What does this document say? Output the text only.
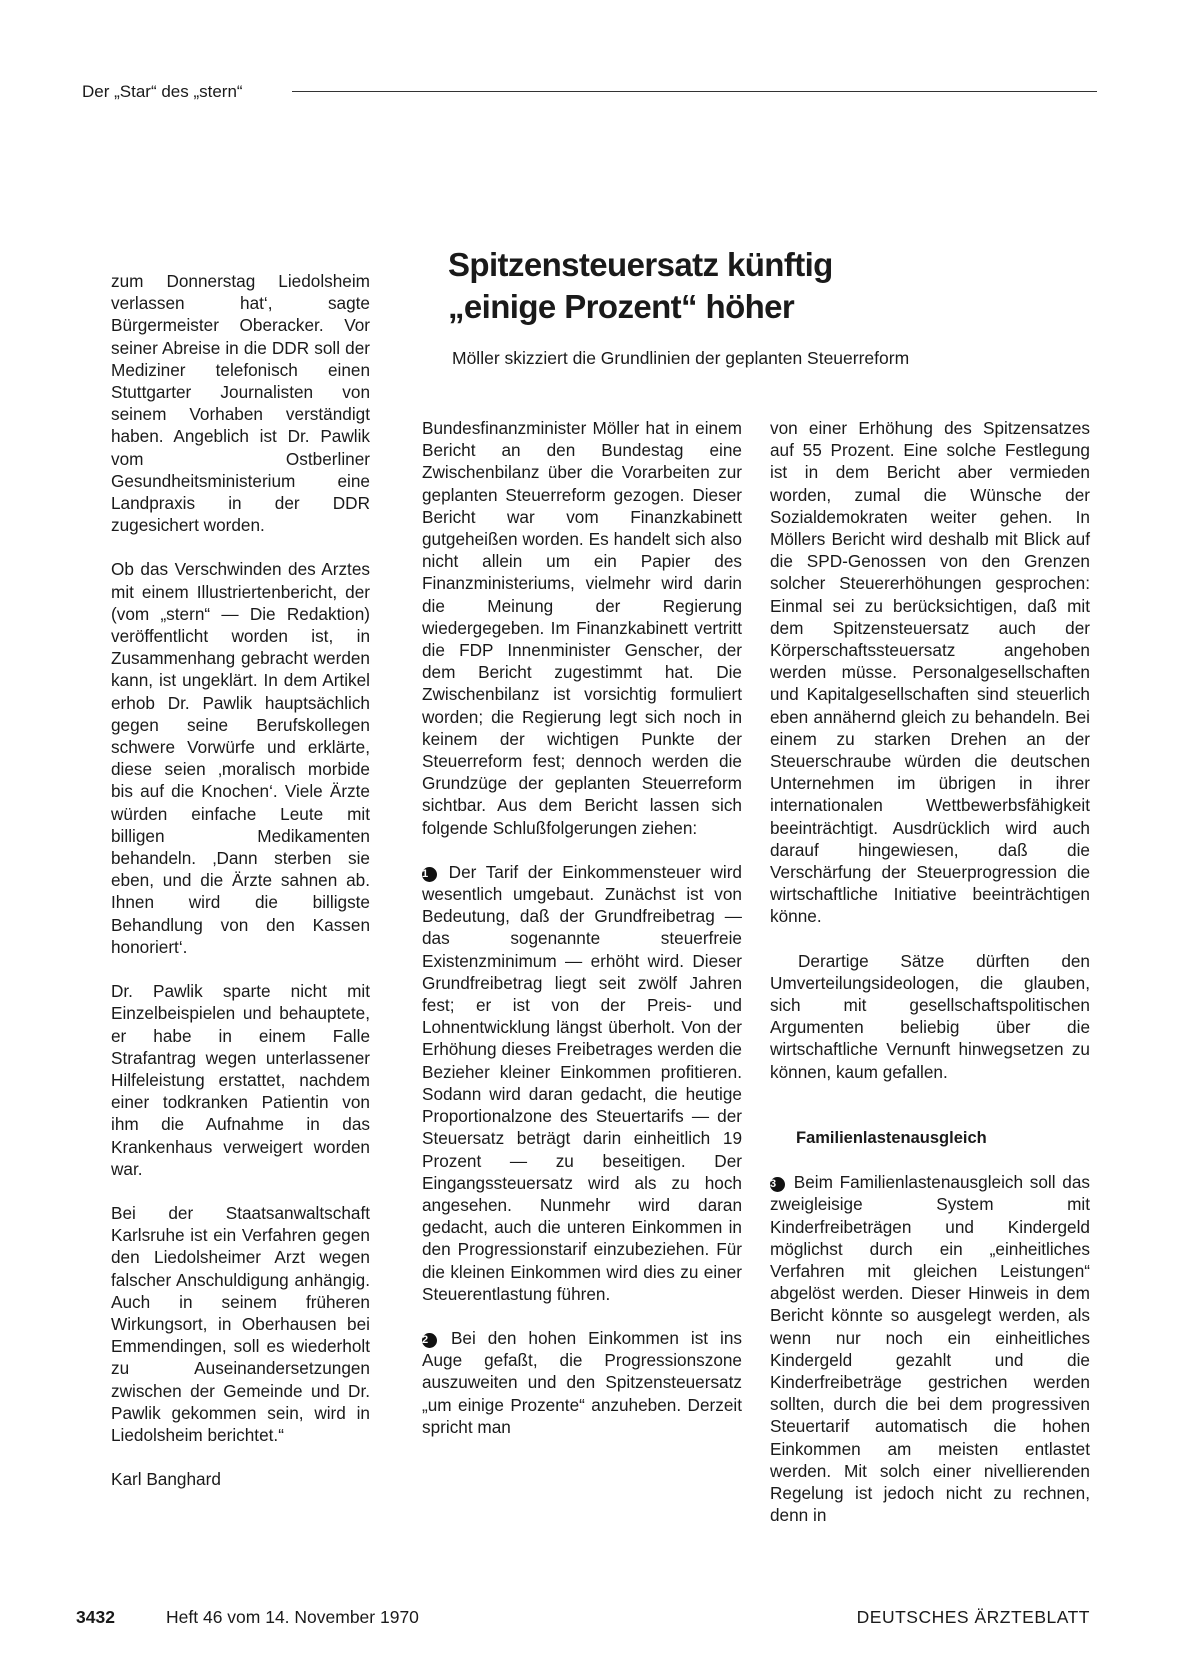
Der „Star“ des „stern“

zum Donnerstag Liedolsheim verlassen hat‘, sagte Bürgermeister Oberacker. Vor seiner Abreise in die DDR soll der Mediziner telefonisch einen Stuttgarter Journalisten von seinem Vorhaben verständigt haben. Angeblich ist Dr. Pawlik vom Ostberliner Gesundheitsministerium eine Landpraxis in der DDR zugesichert worden.

Ob das Verschwinden des Arztes mit einem Illustriertenbericht, der (vom „stern“ — Die Redaktion) veröffentlicht worden ist, in Zusammenhang gebracht werden kann, ist ungeklärt. In dem Artikel erhob Dr. Pawlik hauptsächlich gegen seine Berufskollegen schwere Vorwürfe und erklärte, diese seien ‚moralisch morbide bis auf die Knochen‘. Viele Ärzte würden einfache Leute mit billigen Medikamenten behandeln. ‚Dann sterben sie eben, und die Ärzte sahnen ab. Ihnen wird die billigste Behandlung von den Kassen honoriert‘.

Dr. Pawlik sparte nicht mit Einzelbeispielen und behauptete, er habe in einem Falle Strafantrag wegen unterlassener Hilfeleistung erstattet, nachdem einer todkranken Patientin von ihm die Aufnahme in das Krankenhaus verweigert worden war.

Bei der Staatsanwaltschaft Karlsruhe ist ein Verfahren gegen den Liedolsheimer Arzt wegen falscher Anschuldigung anhängig. Auch in seinem früheren Wirkungsort, in Oberhausen bei Emmendingen, soll es wiederholt zu Auseinandersetzungen zwischen der Gemeinde und Dr. Pawlik gekommen sein, wird in Liedolsheim berichtet.“

Karl Banghard

Spitzensteuersatz künftig
„einige Prozent“ höher
Möller skizziert die Grundlinien der geplanten Steuerreform

Bundesfinanzminister Möller hat in einem Bericht an den Bundestag eine Zwischenbilanz über die Vorarbeiten zur geplanten Steuerreform gezogen. Dieser Bericht war vom Finanzkabinett gutgeheißen worden. Es handelt sich also nicht allein um ein Papier des Finanzministeriums, vielmehr wird darin die Meinung der Regierung wiedergegeben. Im Finanzkabinett vertritt die FDP Innenminister Genscher, der dem Bericht zugestimmt hat. Die Zwischenbilanz ist vorsichtig formuliert worden; die Regierung legt sich noch in keinem der wichtigen Punkte der Steuerreform fest; dennoch werden die Grundzüge der geplanten Steuerreform sichtbar. Aus dem Bericht lassen sich folgende Schlußfolgerungen ziehen:

1 Der Tarif der Einkommensteuer wird wesentlich umgebaut. Zunächst ist von Bedeutung, daß der Grundfreibetrag — das sogenannte steuerfreie Existenzminimum — erhöht wird. Dieser Grundfreibetrag liegt seit zwölf Jahren fest; er ist von der Preis- und Lohnentwicklung längst überholt. Von der Erhöhung dieses Freibetrages werden die Bezieher kleiner Einkommen profitieren. Sodann wird daran gedacht, die heutige Proportionalzone des Steuertarifs — der Steuersatz beträgt darin einheitlich 19 Prozent — zu beseitigen. Der Eingangssteuersatz wird als zu hoch angesehen. Nunmehr wird daran gedacht, auch die unteren Einkommen in den Progressionstarif einzubeziehen. Für die kleinen Einkommen wird dies zu einer Steuerentlastung führen.

2 Bei den hohen Einkommen ist ins Auge gefaßt, die Progressionszone auszuweiten und den Spitzensteuersatz „um einige Prozente“ anzuheben. Derzeit spricht man

von einer Erhöhung des Spitzensatzes auf 55 Prozent. Eine solche Festlegung ist in dem Bericht aber vermieden worden, zumal die Wünsche der Sozialdemokraten weiter gehen. In Möllers Bericht wird deshalb mit Blick auf die SPD-Genossen von den Grenzen solcher Steuererhöhungen gesprochen: Einmal sei zu berücksichtigen, daß mit dem Spitzensteuersatz auch der Körperschaftssteuersatz angehoben werden müsse. Personalgesellschaften und Kapitalgesellschaften sind steuerlich eben annähernd gleich zu behandeln. Bei einem zu starken Drehen an der Steuerschraube würden die deutschen Unternehmen im übrigen in ihrer internationalen Wettbewerbsfähigkeit beeinträchtigt. Ausdrücklich wird auch darauf hingewiesen, daß die Verschärfung der Steuerprogression die wirtschaftliche Initiative beeinträchtigen könne.

Derartige Sätze dürften den Umverteilungsideologen, die glauben, sich mit gesellschaftspolitischen Argumenten beliebig über die wirtschaftliche Vernunft hinwegsetzen zu können, kaum gefallen.

Familienlastenausgleich

3 Beim Familienlastenausgleich soll das zweigleisige System mit Kinderfreibeträgen und Kindergeld möglichst durch ein „einheitliches Verfahren mit gleichen Leistungen“ abgelöst werden. Dieser Hinweis in dem Bericht könnte so ausgelegt werden, als wenn nur noch ein einheitliches Kindergeld gezahlt und die Kinderfreibeträge gestrichen werden sollten, durch die bei dem progressiven Steuertarif automatisch die hohen Einkommen am meisten entlastet werden. Mit solch einer nivellierenden Regelung ist jedoch nicht zu rechnen, denn in

3432	Heft 46 vom 14. November 1970	DEUTSCHES ÄRZTEBLATT
